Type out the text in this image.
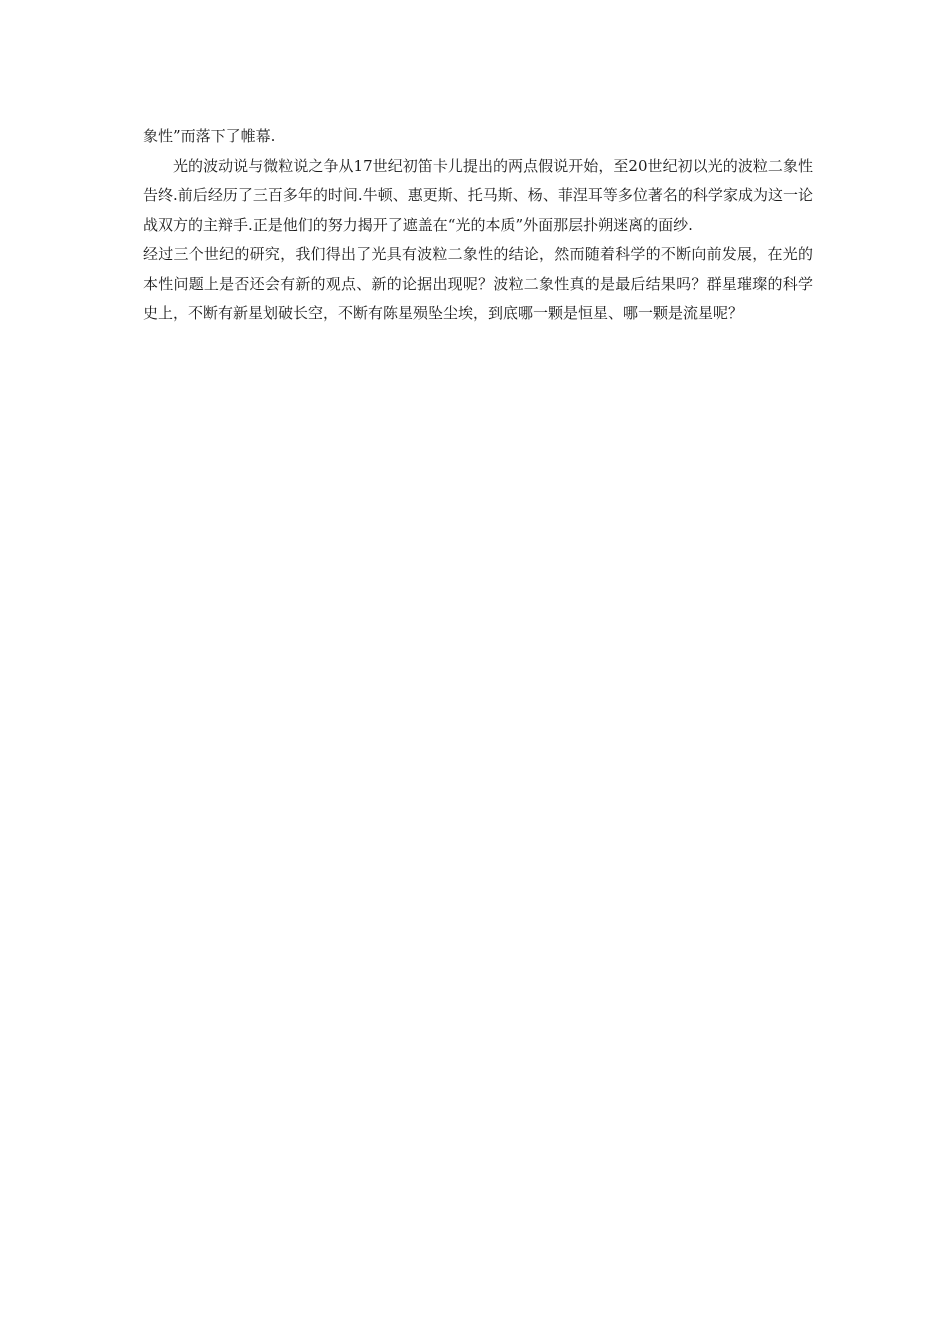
象性”而落下了帷幕.

光的波动说与微粒说之争从17世纪初笛卡儿提出的两点假说开始，至20世纪初以光的波粒二象性告终.前后经历了三百多年的时间.牛顿、惠更斯、托马斯、杨、菲涅耳等多位著名的科学家成为这一论战双方的主辩手.正是他们的努力揭开了遮盖在“光的本质”外面那层扑朔迷离的面纱.

经过三个世纪的研究，我们得出了光具有波粒二象性的结论，然而随着科学的不断向前发展，在光的本性问题上是否还会有新的观点、新的论据出现呢？波粒二象性真的是最后结果吗？群星璀璨的科学史上，不断有新星划破长空，不断有陈星殒坠尘埃，到底哪一颗是恒星、哪一颗是流星呢？
